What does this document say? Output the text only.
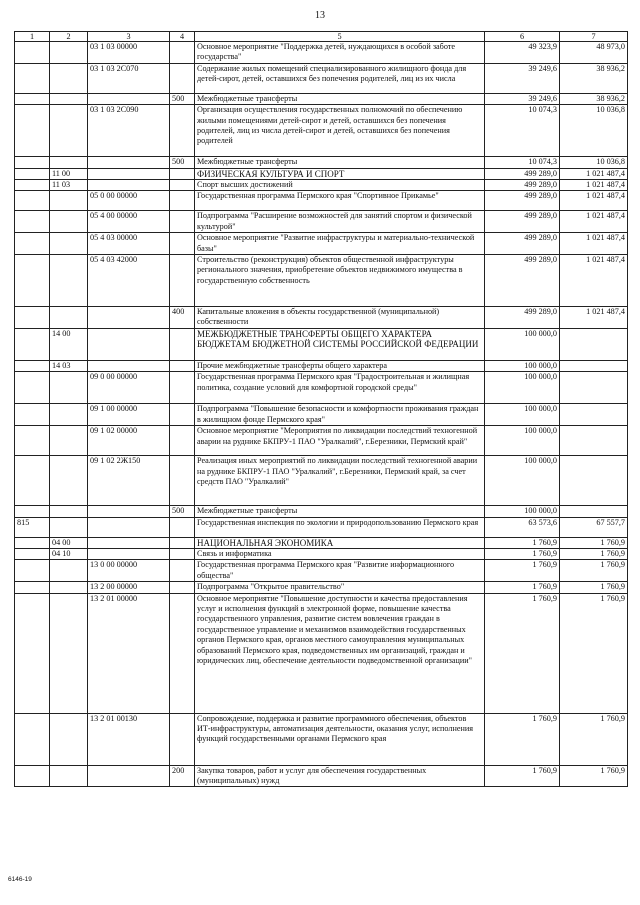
13
1	2	3	4	5	6	7
		03 1 03 00000		Основное мероприятие "Поддержка детей, нуждающихся в особой заботе государства"	49 323,9	48 973,0
		03 1 03 2С070		Содержание жилых помещений специализированного жилищного фонда для детей-сирот, детей, оставшихся без попечения родителей, лиц из их числа	39 249,6	38 936,2
			500	Межбюджетные трансферты	39 249,6	38 936,2
		03 1 03 2С090		Организация осуществления государственных полномочий по обеспечению жилыми помещениями детей-сирот и детей, оставшихся без попечения родителей, лиц из числа детей-сирот и детей, оставшихся без попечения родителей	10 074,3	10 036,8
			500	Межбюджетные трансферты	10 074,3	10 036,8
	11 00			ФИЗИЧЕСКАЯ КУЛЬТУРА И СПОРТ	499 289,0	1 021 487,4
	11 03			Спорт высших достижений	499 289,0	1 021 487,4
		05 0 00 00000		Государственная программа Пермского края "Спортивное Прикамье"	499 289,0	1 021 487,4
		05 4 00 00000		Подпрограмма "Расширение возможностей для занятий спортом и физической культурой"	499 289,0	1 021 487,4
		05 4 03 00000		Основное мероприятие "Развитие инфраструктуры и материально-технической базы"	499 289,0	1 021 487,4
		05 4 03 42000		Строительство (реконструкция) объектов общественной инфраструктуры регионального значения, приобретение объектов недвижимого имущества в государственную собственность	499 289,0	1 021 487,4
			400	Капитальные вложения в объекты государственной (муниципальной) собственности	499 289,0	1 021 487,4
	14 00			МЕЖБЮДЖЕТНЫЕ ТРАНСФЕРТЫ ОБЩЕГО ХАРАКТЕРА БЮДЖЕТАМ БЮДЖЕТНОЙ СИСТЕМЫ РОССИЙСКОЙ ФЕДЕРАЦИИ	100 000,0	
	14 03			Прочие межбюджетные трансферты общего характера	100 000,0	
		09 0 00 00000		Государственная программа Пермского края "Градостроительная и жилищная политика, создание условий для комфортной городской среды"	100 000,0	
		09 1 00 00000		Подпрограмма "Повышение безопасности и комфортности проживания граждан в жилищном фонде Пермского края"	100 000,0	
		09 1 02 00000		Основное мероприятие "Мероприятия по ликвидации последствий техногенной аварии на руднике БКПРУ-1 ПАО "Уралкалий", г.Березники, Пермский край"	100 000,0	
		09 1 02 2Ж150		Реализация иных мероприятий по ликвидации последствий техногенной аварии на руднике БКПРУ-1 ПАО "Уралкалий", г.Березники, Пермский край, за счет средств ПАО "Уралкалий"	100 000,0	
			500	Межбюджетные трансферты	100 000,0	
815				Государственная инспекция по экологии и природопользованию Пермского края	63 573,6	67 557,7
	04 00			НАЦИОНАЛЬНАЯ ЭКОНОМИКА	1 760,9	1 760,9
	04 10			Связь и информатика	1 760,9	1 760,9
		13 0 00 00000		Государственная программа Пермского края "Развитие информационного общества"	1 760,9	1 760,9
		13 2 00 00000		Подпрограмма "Открытое правительство"	1 760,9	1 760,9
		13 2 01 00000		Основное мероприятие "Повышение доступности и качества предоставления услуг и исполнения функций в электронной форме, повышение качества государственного управления, развитие систем вовлечения граждан в государственное управление и механизмов взаимодействия государственных органов Пермского края, органов местного самоуправления муниципальных образований Пермского края, подведомственных им организаций, граждан и юридических лиц, обеспечение деятельности подведомственной организации"	1 760,9	1 760,9
		13 2 01 00130		Сопровождение, поддержка и развитие программного обеспечения, объектов ИТ-инфраструктуры, автоматизация деятельности, оказания услуг, исполнения функций государственными органами Пермского края	1 760,9	1 760,9
			200	Закупка товаров, работ и услуг для обеспечения государственных (муниципальных) нужд	1 760,9	1 760,9
6146-19
